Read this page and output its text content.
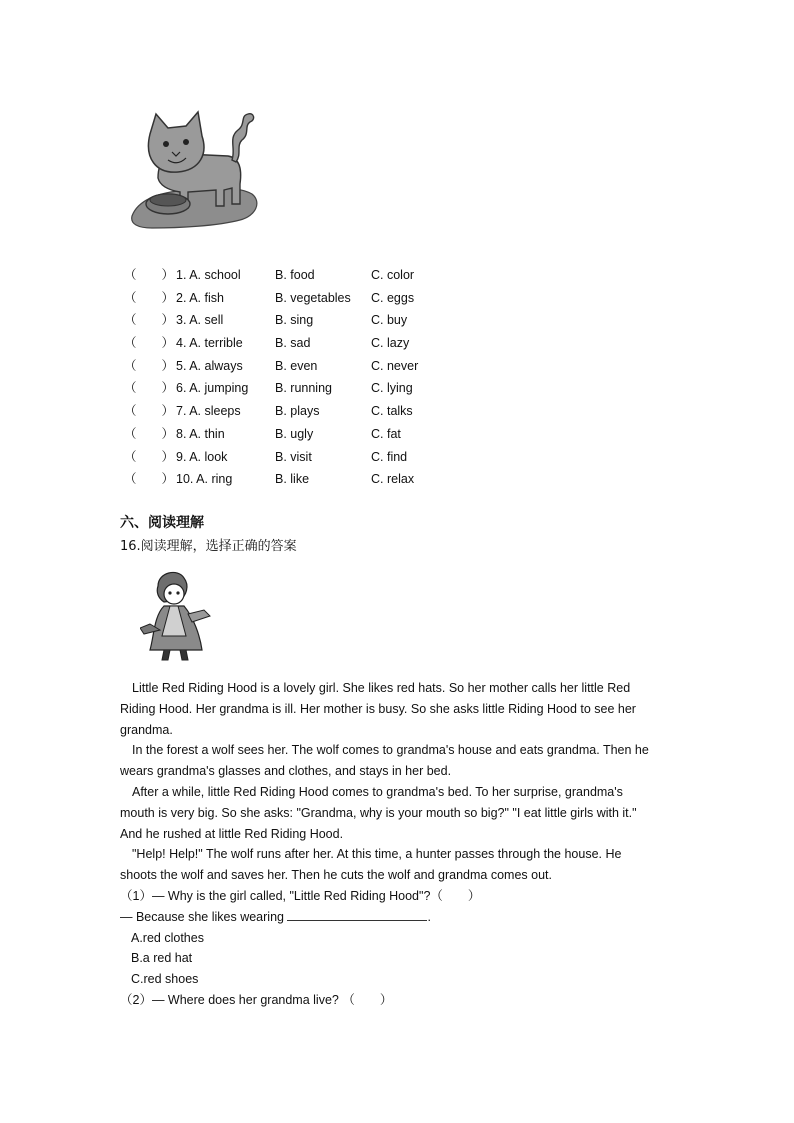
（　　） 1. A. school	B. food	C. color
（　　） 2. A. fish	B. vegetables C. eggs
（　　） 3. A. sell	B. sing	C. buy
（　　） 4. A. terrible	B. sad	C. lazy
（　　） 5. A. always	B. even	C. never
（　　） 6. A. jumping B. running	C. lying
（　　） 7. A. sleeps	B. plays	C. talks
（　　） 8. A. thin	B. ugly	C. fat
（　　） 9. A. look	B. visit	C. find
（　　） 10. A. ring	B. like	C. relax
六、阅读理解
16.阅读理解，选择正确的答案

Little Red Riding Hood is a lovely girl. She likes red hats. So her mother calls her little Red
Riding Hood. Her grandma is ill. Her mother is busy. So she asks little Riding Hood to see her
grandma.

In the forest a wolf sees her. The wolf comes to grandma's house and eats grandma. Then he
wears grandma's glasses and clothes, and stays in her bed.

After a while, little Red Riding Hood comes to grandma's bed. To her surprise, grandma's
mouth is very big. So she asks: "Grandma, why is your mouth so big?" "I eat little girls with it."
And he rushed at little Red Riding Hood.

"Help! Help!" The wolf runs after her. At this time, a hunter passes through the house. He
shoots the wolf and saves her. Then he cuts the wolf and grandma comes out.

（1）— Why is the girl called, "Little Red Riding Hood"?（　　）
— Because she likes wearing	.
A.red clothes
B.a red hat
C.red shoes
（2）— Where does her grandma live? （　　）
